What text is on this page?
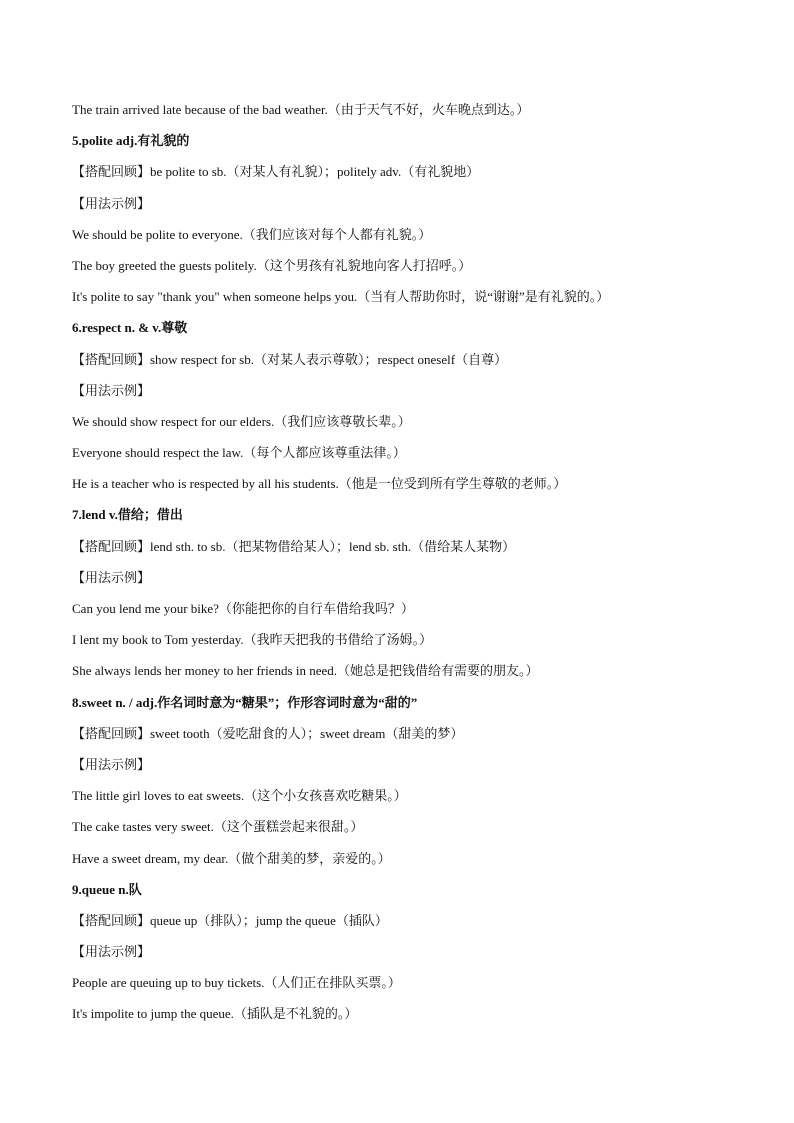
The train arrived late because of the bad weather.（由于天气不好，火车晚点到达。）
5.polite adj.有礼貌的
【搭配回顾】be polite to sb.（对某人有礼貌）；politely adv.（有礼貌地）
【用法示例】
We should be polite to everyone.（我们应该对每个人都有礼貌。）
The boy greeted the guests politely.（这个男孩有礼貌地向客人打招呼。）
It's polite to say "thank you" when someone helps you.（当有人帮助你时，说“谢谢”是有礼貌的。）
6.respect n. & v.尊敬
【搭配回顾】show respect for sb.（对某人表示尊敬）；respect oneself（自尊）
【用法示例】
We should show respect for our elders.（我们应该尊敬长辈。）
Everyone should respect the law.（每个人都应该尊重法律。）
He is a teacher who is respected by all his students.（他是一位受到所有学生尊敬的老师。）
7.lend v.借给；借出
【搭配回顾】lend sth. to sb.（把某物借给某人）；lend sb. sth.（借给某人某物）
【用法示例】
Can you lend me your bike?（你能把你的自行车借给我吗？）
I lent my book to Tom yesterday.（我昨天把我的书借给了汤姆。）
She always lends her money to her friends in need.（她总是把钱借给有需要的朋友。）
8.sweet n. / adj.作名词时意为“糖果”；作形容词时意为“甜的”
【搭配回顾】sweet tooth（爱吃甜食的人）；sweet dream（甜美的梦）
【用法示例】
The little girl loves to eat sweets.（这个小女孩喜欢吃糖果。）
The cake tastes very sweet.（这个蛋糕尝起来很甜。）
Have a sweet dream, my dear.（做个甜美的梦，亲爱的。）
9.queue n.队
【搭配回顾】queue up（排队）；jump the queue（插队）
【用法示例】
People are queuing up to buy tickets.（人们正在排队买票。）
It's impolite to jump the queue.（插队是不礼貌的。）
